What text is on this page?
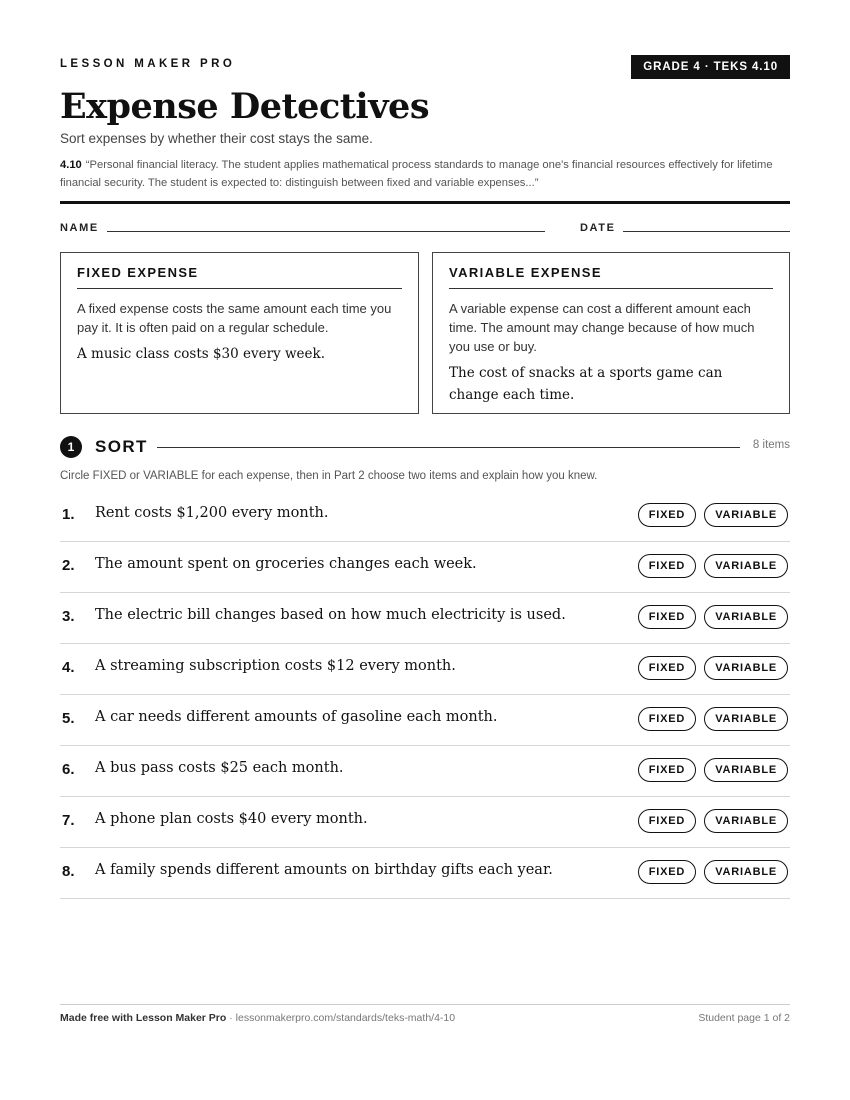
LESSON MAKER PRO	GRADE 4 · TEKS 4.10
Expense Detectives
Sort expenses by whether their cost stays the same.
4.10 “Personal financial literacy. The student applies mathematical process standards to manage one's financial resources effectively for lifetime financial security. The student is expected to: distinguish between fixed and variable expenses...”
NAME	DATE
FIXED EXPENSE

A fixed expense costs the same amount each time you pay it. It is often paid on a regular schedule.

A music class costs $30 every week.

VARIABLE EXPENSE

A variable expense can cost a different amount each time. The amount may change because of how much you use or buy.

The cost of snacks at a sports game can change each time.

1	SORT	8 items
Circle FIXED or VARIABLE for each expense, then in Part 2 choose two items and explain how you knew.
1. Rent costs $1,200 every month.	FIXED	VARIABLE
2. The amount spent on groceries changes each week.	FIXED	VARIABLE
3. The electric bill changes based on how much electricity is used.	FIXED	VARIABLE
4. A streaming subscription costs $12 every month.	FIXED	VARIABLE
5. A car needs different amounts of gasoline each month.	FIXED	VARIABLE
6. A bus pass costs $25 each month.	FIXED	VARIABLE
7. A phone plan costs $40 every month.	FIXED	VARIABLE
8. A family spends different amounts on birthday gifts each year.	FIXED	VARIABLE
Made free with Lesson Maker Pro · lessonmakerpro.com/standards/teks-math/4-10	Student page 1 of 2
